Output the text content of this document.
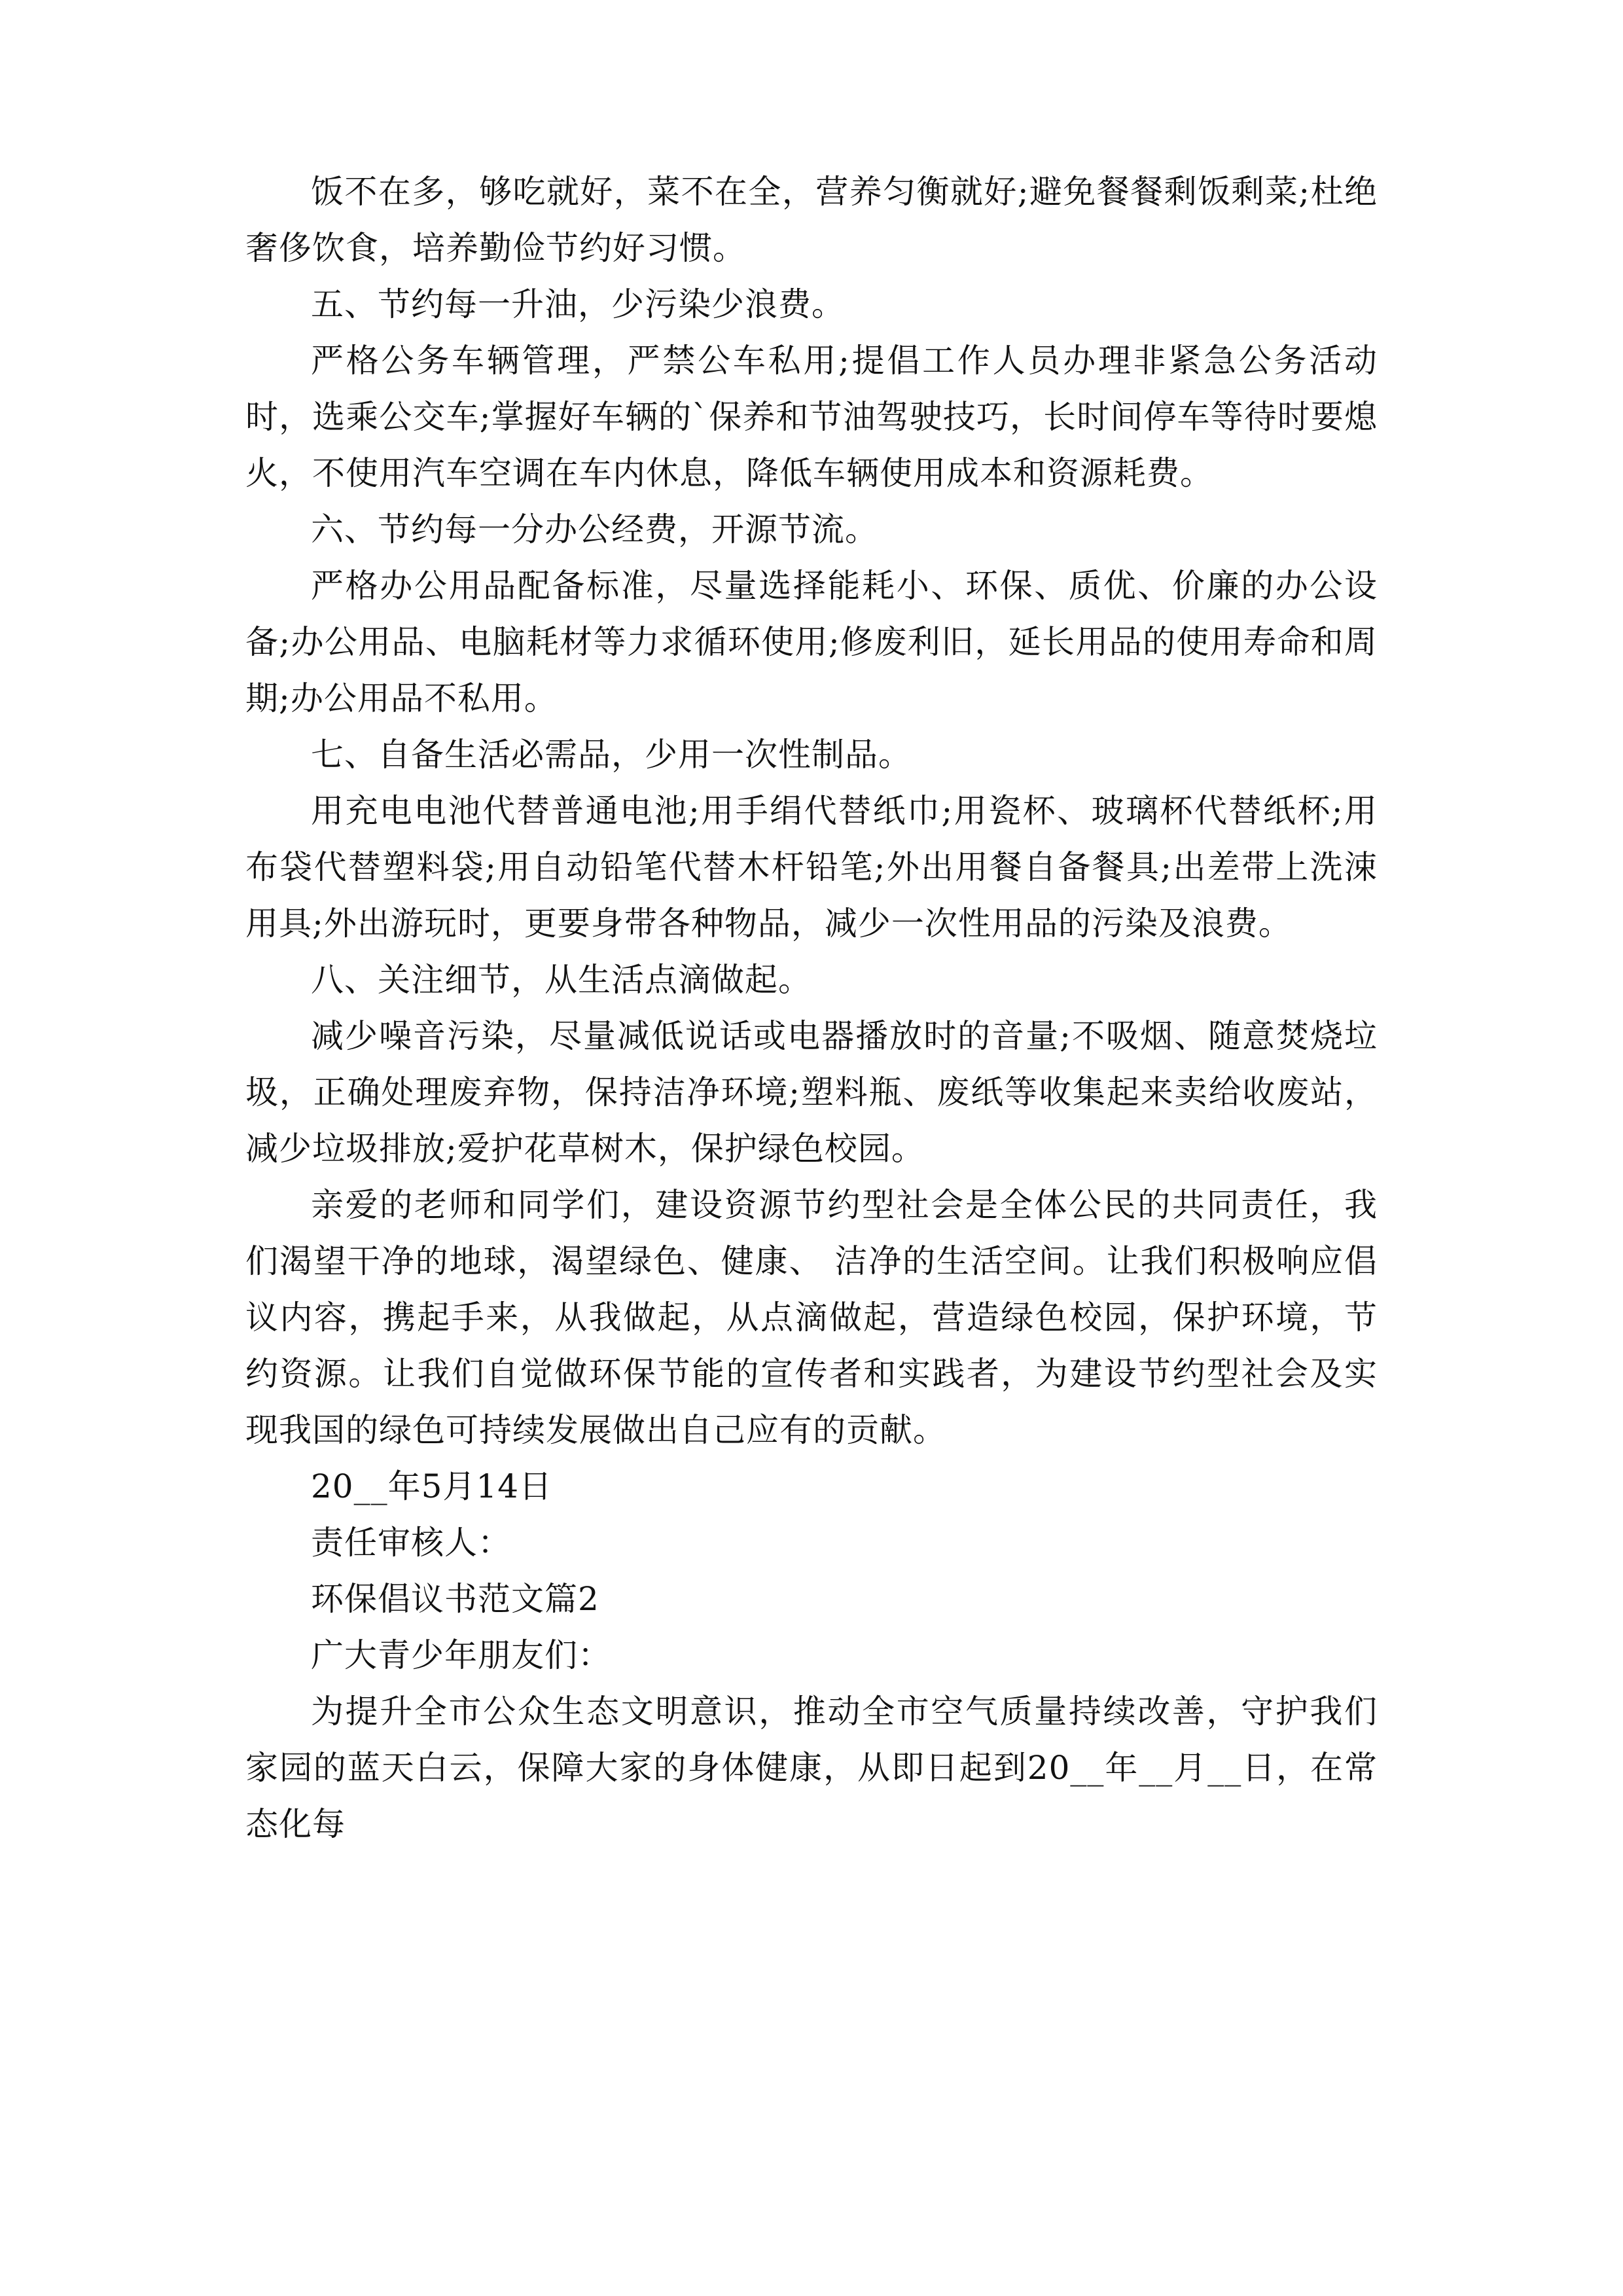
饭不在多，够吃就好，菜不在全，营养匀衡就好;避免餐餐剩饭剩菜;杜绝奢侈饮食，培养勤俭节约好习惯。

五、节约每一升油，少污染少浪费。

严格公务车辆管理，严禁公车私用;提倡工作人员办理非紧急公务活动时，选乘公交车;掌握好车辆的`保养和节油驾驶技巧，长时间停车等待时要熄火，不使用汽车空调在车内休息，降低车辆使用成本和资源耗费。

六、节约每一分办公经费，开源节流。

严格办公用品配备标准，尽量选择能耗小、环保、质优、价廉的办公设备;办公用品、电脑耗材等力求循环使用;修废利旧，延长用品的使用寿命和周期;办公用品不私用。

七、自备生活必需品，少用一次性制品。

用充电电池代替普通电池;用手绢代替纸巾;用瓷杯、玻璃杯代替纸杯;用布袋代替塑料袋;用自动铅笔代替木杆铅笔;外出用餐自备餐具;出差带上洗涑用具;外出游玩时，更要身带各种物品，减少一次性用品的污染及浪费。

八、关注细节，从生活点滴做起。

减少噪音污染，尽量减低说话或电器播放时的音量;不吸烟、随意焚烧垃圾，正确处理废弃物，保持洁净环境;塑料瓶、废纸等收集起来卖给收废站，减少垃圾排放;爱护花草树木，保护绿色校园。

亲爱的老师和同学们，建设资源节约型社会是全体公民的共同责任，我们渴望干净的地球，渴望绿色、健康、 洁净的生活空间。让我们积极响应倡议内容，携起手来，从我做起，从点滴做起，营造绿色校园，保护环境，节约资源。让我们自觉做环保节能的宣传者和实践者，为建设节约型社会及实现我国的绿色可持续发展做出自己应有的贡献。

20__年5月14日

责任审核人：

环保倡议书范文篇2

广大青少年朋友们：

为提升全市公众生态文明意识，推动全市空气质量持续改善，守护我们家园的蓝天白云，保障大家的身体健康，从即日起到20__年__月__日，在常态化每
